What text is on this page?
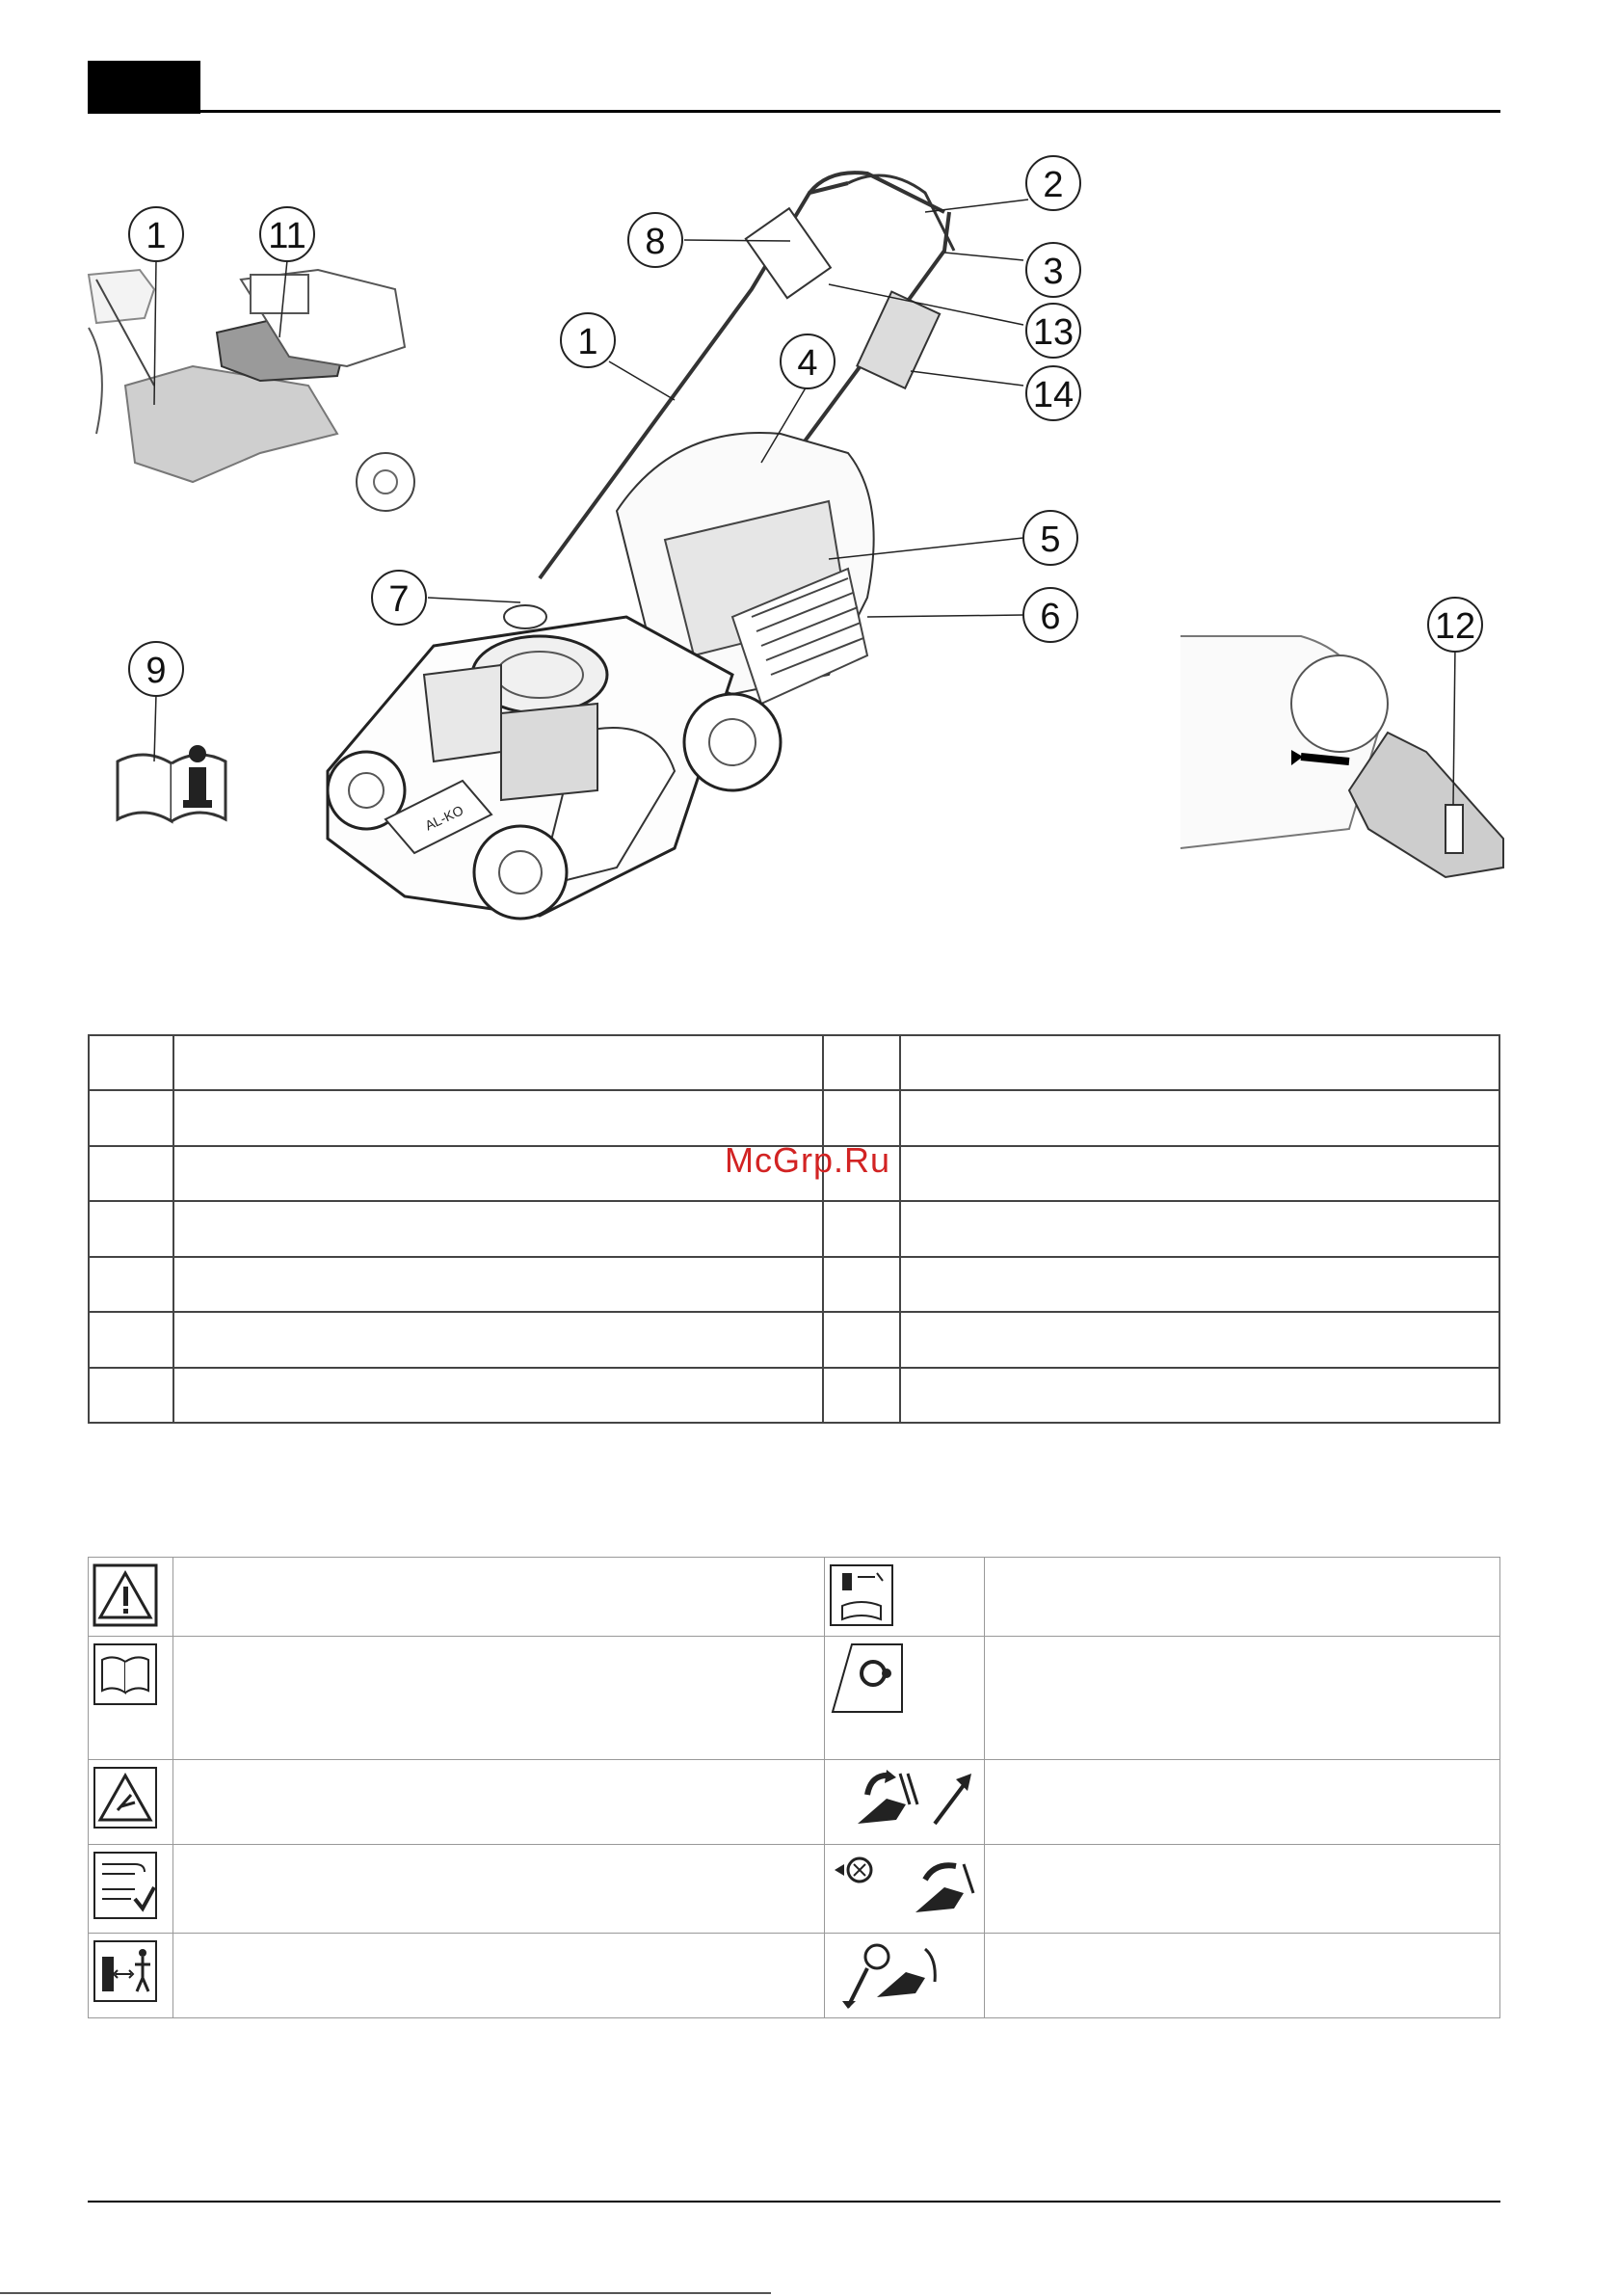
AL-KO
1	11
1
2
3
4
5
6
7
8
9
12
13
14

McGrp.Ru
